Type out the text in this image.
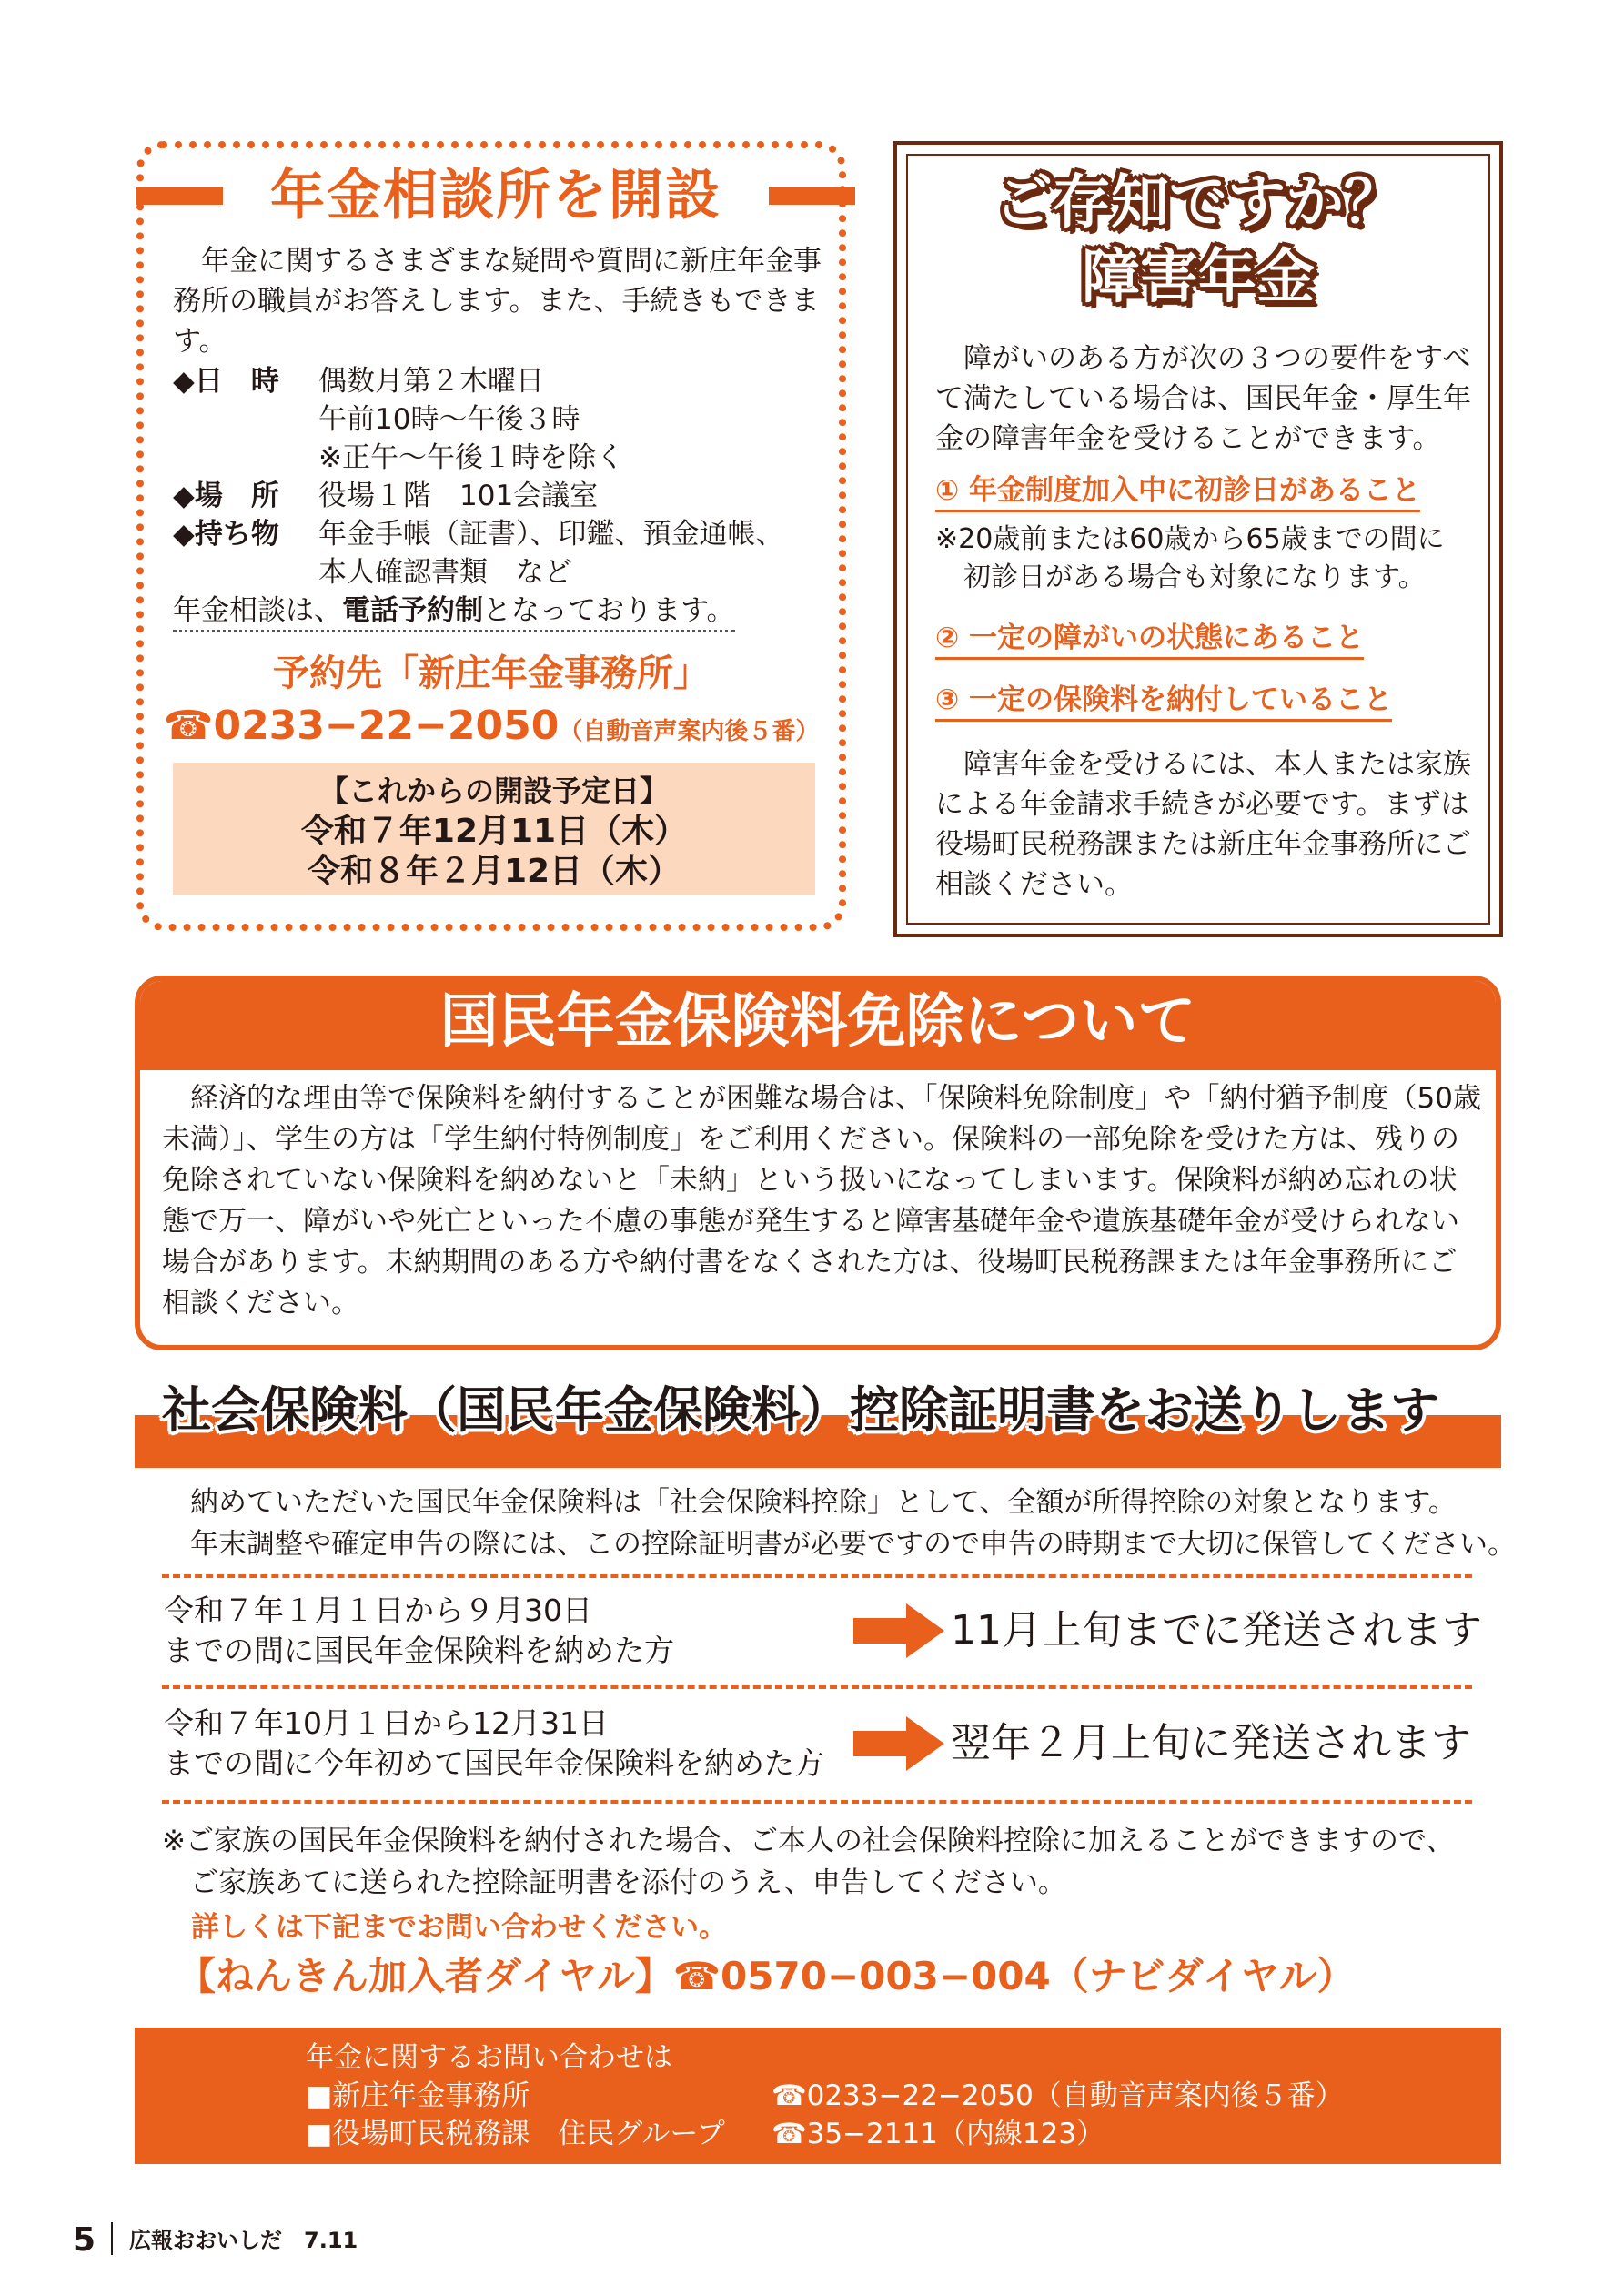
年金相談所を開設

年金に関するさまざまな疑問や質問に新庄年金事務所の職員がお答えします。また、手続きもできます。

◆日　時 偶数月第２木曜日
午前10時〜午後３時
※正午〜午後１時を除く
◆場　所 役場１階　101会議室
◆持ち物 年金手帳（証書）、印鑑、預金通帳、
本人確認書類　など
年金相談は、電話予約制となっております。
予約先「新庄年金事務所」
☎0233−22−2050（自動音声案内後５番）
【これからの開設予定日】
令和７年12月11日（木）
令和８年２月12日（木）
ご存知ですか？
障害年金

障がいのある方が次の３つの要件をすべて満たしている場合は、国民年金・厚生年金の障害年金を受けることができます。

① 年金制度加入中に初診日があること
※20歳前または60歳から65歳までの間に
初診日がある場合も対象になります。
② 一定の障がいの状態にあること
③ 一定の保険料を納付していること

障害年金を受けるには、本人または家族による年金請求手続きが必要です。まずは役場町民税務課または新庄年金事務所にご相談ください。

国民年金保険料免除について

経済的な理由等で保険料を納付することが困難な場合は、「保険料免除制度」や「納付猶予制度（50歳未満）」、学生の方は「学生納付特例制度」をご利用ください。保険料の一部免除を受けた方は、残りの免除されていない保険料を納めないと「未納」という扱いになってしまいます。保険料が納め忘れの状態で万一、障がいや死亡といった不慮の事態が発生すると障害基礎年金や遺族基礎年金が受けられない場合があります。未納期間のある方や納付書をなくされた方は、役場町民税務課または年金事務所にご相談ください。

社会保険料（国民年金保険料）控除証明書をお送りします
納めていただいた国民年金保険料は「社会保険料控除」として、全額が所得控除の対象となります。
年末調整や確定申告の際には、この控除証明書が必要ですので申告の時期まで大切に保管してください。
令和７年１月１日から９月30日
までの間に国民年金保険料を納めた方	11月上旬までに発送されます
令和７年10月１日から12月31日
までの間に今年初めて国民年金保険料を納めた方	翌年２月上旬に発送されます
※ご家族の国民年金保険料を納付された場合、ご本人の社会保険料控除に加えることができますので、
ご家族あてに送られた控除証明書を添付のうえ、申告してください。
詳しくは下記までお問い合わせください。
【ねんきん加入者ダイヤル】☎0570−003−004（ナビダイヤル）
年金に関するお問い合わせは
■新庄年金事務所	☎0233−22−2050（自動音声案内後５番）
■役場町民税務課　住民グループ ☎35−2111（内線123）
5 広報おおいしだ　7.11
